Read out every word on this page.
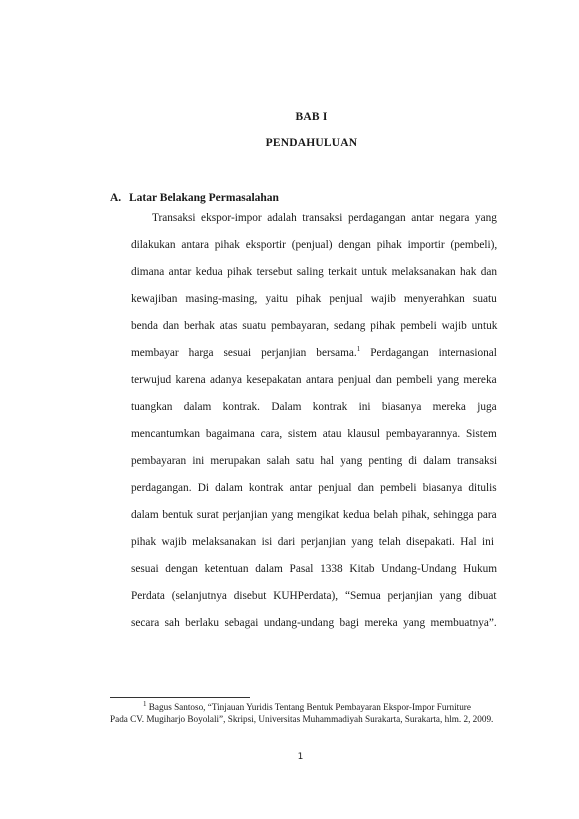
BAB I
PENDAHULUAN
A. Latar Belakang Permasalahan
Transaksi ekspor-impor adalah transaksi perdagangan antar negara yang
dilakukan antara pihak eksportir (penjual) dengan pihak importir (pembeli),
dimana antar kedua pihak tersebut saling terkait untuk melaksanakan hak dan
kewajiban masing-masing, yaitu pihak penjual wajib menyerahkan suatu
benda dan berhak atas suatu pembayaran, sedang pihak pembeli wajib untuk
membayar harga sesuai perjanjian bersama.$^1$ Perdagangan internasional
terwujud karena adanya kesepakatan antara penjual dan pembeli yang mereka
tuangkan dalam kontrak. Dalam kontrak ini biasanya mereka juga
mencantumkan bagaimana cara, sistem atau klausul pembayarannya. Sistem
pembayaran ini merupakan salah satu hal yang penting di dalam transaksi
perdagangan. Di dalam kontrak antar penjual dan pembeli biasanya ditulis
dalam bentuk surat perjanjian yang mengikat kedua belah pihak, sehingga para
pihak wajib melaksanakan isi dari perjanjian yang telah disepakati. Hal ini
sesuai dengan ketentuan dalam Pasal 1338 Kitab Undang-Undang Hukum
Perdata (selanjutnya disebut KUHPerdata), “Semua perjanjian yang dibuat
secara sah berlaku sebagai undang-undang bagi mereka yang membuatnya”.
$^1$ Bagus Santoso, “Tinjauan Yuridis Tentang Bentuk Pembayaran Ekspor-Impor Furniture
Pada CV. Mugiharjo Boyolali”, Skripsi, Universitas Muhammadiyah Surakarta, Surakarta, hlm. 2, 2009.
1
